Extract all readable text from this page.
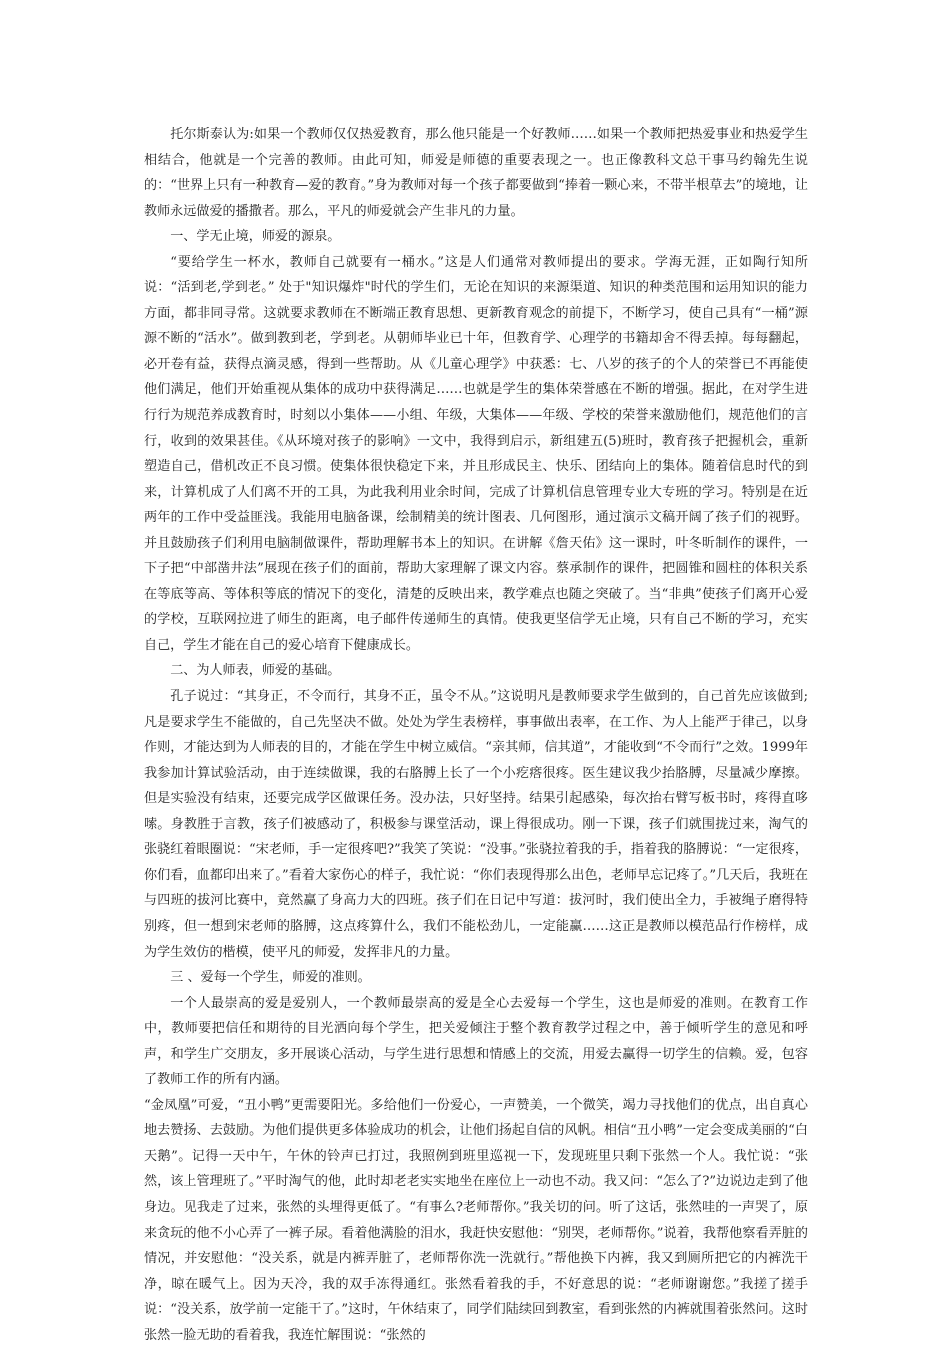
托尔斯泰认为:如果一个教师仅仅热爱教育，那么他只能是一个好教师……如果一个教师把热爱事业和热爱学生相结合，他就是一个完善的教师。由此可知，师爱是师德的重要表现之一。也正像教科文总干事马约翰先生说的：“世界上只有一种教育—爱的教育。”身为教师对每一个孩子都要做到“捧着一颗心来，不带半根草去”的境地，让教师永远做爱的播撒者。那么，平凡的师爱就会产生非凡的力量。

一、学无止境，师爱的源泉。

“要给学生一杯水，教师自己就要有一桶水。”这是人们通常对教师提出的要求。学海无涯，正如陶行知所说：“活到老,学到老。” 处于"知识爆炸"时代的学生们，无论在知识的来源渠道、知识的种类范围和运用知识的能力方面，都非同寻常。这就要求教师在不断端正教育思想、更新教育观念的前提下，不断学习，使自己具有“一桶”源源不断的“活水”。做到教到老，学到老。从朝师毕业已十年，但教育学、心理学的书籍却舍不得丢掉。每每翻起，必开卷有益，获得点滴灵感，得到一些帮助。从《儿童心理学》中获悉：七、八岁的孩子的个人的荣誉已不再能使他们满足，他们开始重视从集体的成功中获得满足……也就是学生的集体荣誉感在不断的增强。据此，在对学生进行行为规范养成教育时，时刻以小集体——小组、年级，大集体——年级、学校的荣誉来激励他们，规范他们的言行，收到的效果甚佳。《从环境对孩子的影响》一文中，我得到启示，新组建五(5)班时，教育孩子把握机会，重新塑造自己，借机改正不良习惯。使集体很快稳定下来，并且形成民主、快乐、团结向上的集体。随着信息时代的到来，计算机成了人们离不开的工具，为此我利用业余时间，完成了计算机信息管理专业大专班的学习。特别是在近两年的工作中受益匪浅。我能用电脑备课，绘制精美的统计图表、几何图形，通过演示文稿开阔了孩子们的视野。并且鼓励孩子们利用电脑制做课件，帮助理解书本上的知识。在讲解《詹天佑》这一课时，叶冬昕制作的课件，一下子把“中部凿井法”展现在孩子们的面前，帮助大家理解了课文内容。蔡承制作的课件，把圆锥和圆柱的体积关系在等底等高、等体积等底的情况下的变化，清楚的反映出来，教学难点也随之突破了。当“非典”使孩子们离开心爱的学校，互联网拉进了师生的距离，电子邮件传递师生的真情。使我更坚信学无止境，只有自己不断的学习，充实自己，学生才能在自己的爱心培育下健康成长。

二、为人师表，师爱的基础。

孔子说过：“其身正，不令而行，其身不正，虽令不从。”这说明凡是教师要求学生做到的，自己首先应该做到;凡是要求学生不能做的，自己先坚决不做。处处为学生表榜样，事事做出表率，在工作、为人上能严于律己，以身作则，才能达到为人师表的目的，才能在学生中树立威信。“亲其师，信其道”，才能收到“不令而行”之效。1999年我参加计算试验活动，由于连续做课，我的右胳膊上长了一个小疙瘩很疼。医生建议我少抬胳膊，尽量减少摩擦。但是实验没有结束，还要完成学区做课任务。没办法，只好坚持。结果引起感染，每次抬右臂写板书时，疼得直哆嗦。身教胜于言教，孩子们被感动了，积极参与课堂活动，课上得很成功。刚一下课，孩子们就围拢过来，淘气的张骁红着眼圈说：“宋老师，手一定很疼吧?”我笑了笑说：“没事。”张骁拉着我的手，指着我的胳膊说：“一定很疼，你们看，血都印出来了。”看着大家伤心的样子，我忙说：“你们表现得那么出色，老师早忘记疼了。”几天后，我班在与四班的拔河比赛中，竟然赢了身高力大的四班。孩子们在日记中写道：拔河时，我们使出全力，手被绳子磨得特别疼，但一想到宋老师的胳膊，这点疼算什么，我们不能松劲儿，一定能赢……这正是教师以模范品行作榜样，成为学生效仿的楷模，使平凡的师爱，发挥非凡的力量。

三 、爱每一个学生，师爱的准则。

一个人最崇高的爱是爱别人，一个教师最崇高的爱是全心去爱每一个学生，这也是师爱的准则。在教育工作中，教师要把信任和期待的目光洒向每个学生，把关爱倾注于整个教育教学过程之中，善于倾听学生的意见和呼声，和学生广交朋友，多开展谈心活动，与学生进行思想和情感上的交流，用爱去赢得一切学生的信赖。爱，包容了教师工作的所有内涵。

“金凤凰”可爱，“丑小鸭”更需要阳光。多给他们一份爱心，一声赞美，一个微笑，竭力寻找他们的优点，出自真心地去赞扬、去鼓励。为他们提供更多体验成功的机会，让他们扬起自信的风帆。相信“丑小鸭”一定会变成美丽的“白天鹅”。记得一天中午，午休的铃声已打过，我照例到班里巡视一下，发现班里只剩下张然一个人。我忙说：“张然，该上管理班了。”平时淘气的他，此时却老老实实地坐在座位上一动也不动。我又问：“怎么了?”边说边走到了他身边。见我走了过来，张然的头埋得更低了。“有事么?老师帮你。”我关切的问。听了这话，张然哇的一声哭了，原来贪玩的他不小心弄了一裤子尿。看着他满脸的泪水，我赶快安慰他：“别哭，老师帮你。”说着，我帮他察看弄脏的情况，并安慰他：“没关系，就是内裤弄脏了，老师帮你洗一洗就行。”帮他换下内裤，我又到厕所把它的内裤洗干净，晾在暖气上。因为天冷，我的双手冻得通红。张然看着我的手，不好意思的说：“老师谢谢您。”我搓了搓手说：“没关系，放学前一定能干了。”这时，午休结束了，同学们陆续回到教室，看到张然的内裤就围着张然问。这时张然一脸无助的看着我，我连忙解围说：“张然的
